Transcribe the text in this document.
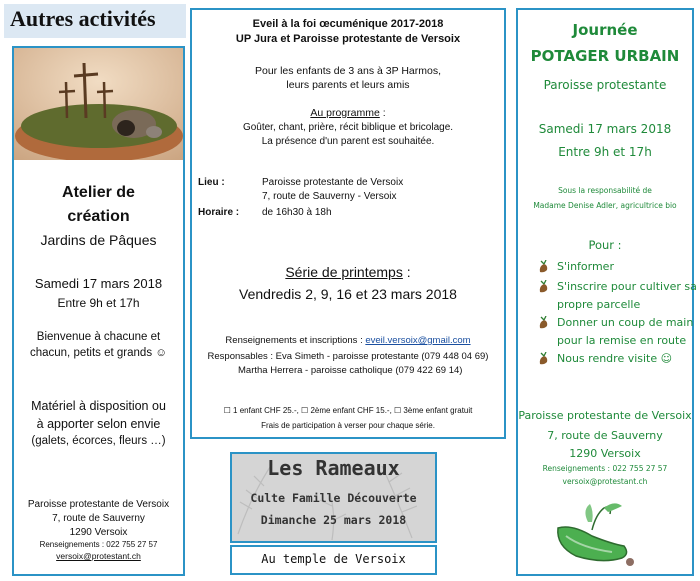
Autres activités
Atelier de
création
Jardins de Pâques
Samedi 17 mars 2018
Entre 9h et 17h
Bienvenue à chacune et
chacun, petits et grands ☺
Matériel à disposition ou
à apporter selon envie
(galets, écorces, fleurs …)
Paroisse protestante de Versoix
7, route de Sauverny
1290 Versoix
Renseignements : 022 755 27 57
versoix@protestant.ch
Eveil à la foi œcuménique 2017-2018
UP Jura et Paroisse protestante de Versoix
Pour les enfants de 3 ans à 3P Harmos,
leurs parents et leurs amis
Au programme :
Goûter, chant, prière, récit biblique et bricolage.
La présence d'un parent est souhaitée.
Lieu :	Paroisse protestante de Versoix
7, route de Sauverny - Versoix
Horaire : de 16h30 à 18h
Série de printemps :
Vendredis 2, 9, 16 et 23 mars 2018
Renseignements et inscriptions : eveil.versoix@gmail.com
Responsables : Eva Simeth - paroisse protestante (079 448 04 69)
Martha Herrera - paroisse catholique (079 422 69 14)
☐ 1 enfant CHF 25.-, ☐ 2ème enfant CHF 15.-, ☐ 3ème enfant gratuit
Frais de participation à verser pour chaque série.
Les Rameaux
Culte Famille Découverte
Dimanche 25 mars 2018
Au temple de Versoix
Journée
POTAGER URBAIN
Paroisse protestante
Samedi 17 mars 2018
Entre 9h et 17h
Sous la responsabilité de
Madame Denise Adler, agricultrice bio
Pour :
S'informer
S'inscrire pour cultiver sa
propre parcelle
Donner un coup de main
pour la remise en route
Nous rendre visite ☺
Paroisse protestante de Versoix
7, route de Sauverny
1290 Versoix
Renseignements : 022 755 27 57
versoix@protestant.ch
